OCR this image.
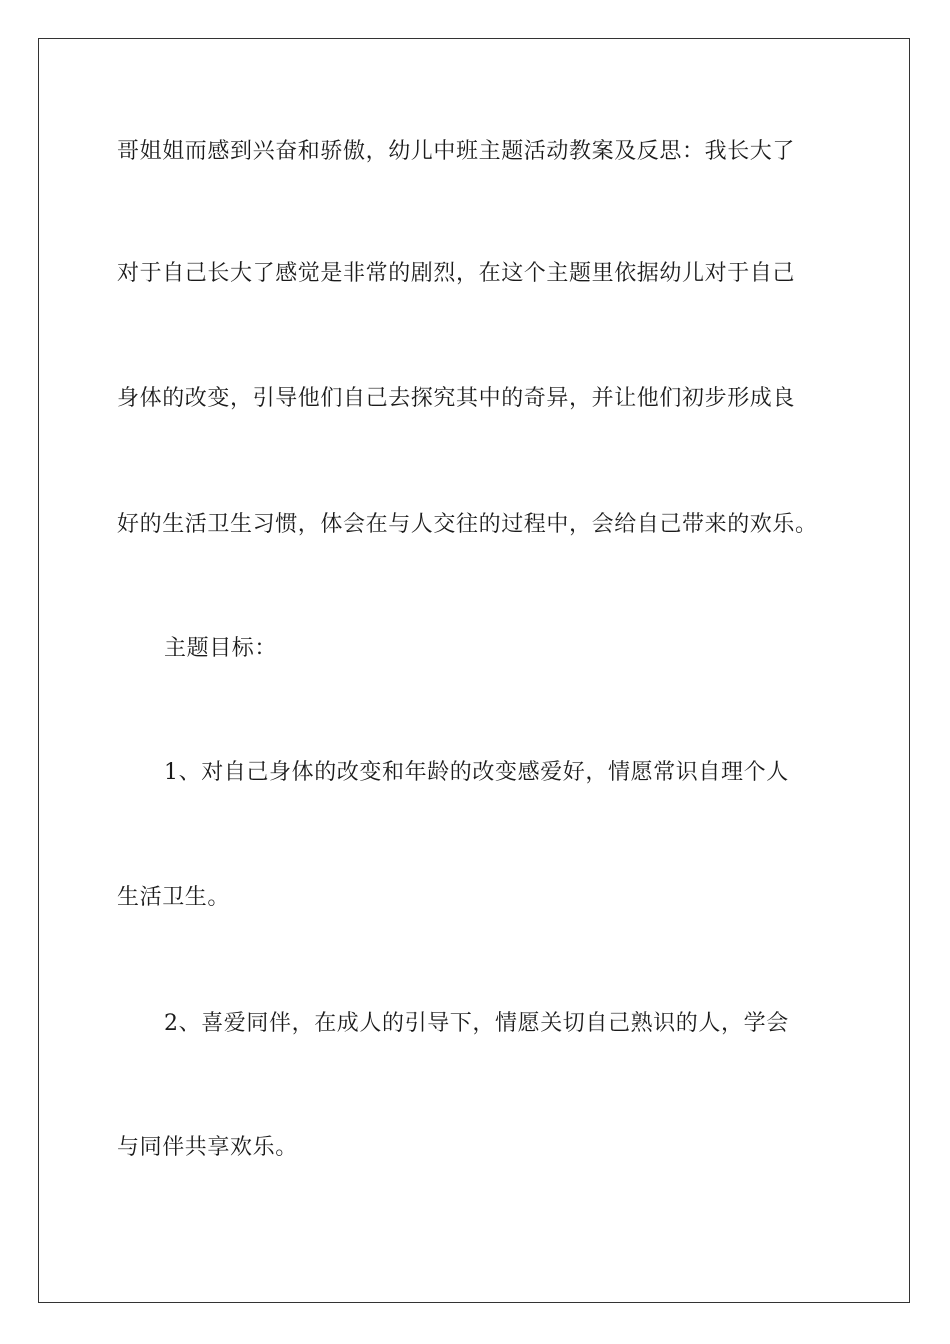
哥姐姐而感到兴奋和骄傲，幼儿中班主题活动教案及反思：我长大了
对于自己长大了感觉是非常的剧烈，在这个主题里依据幼儿对于自己
身体的改变，引导他们自己去探究其中的奇异，并让他们初步形成良
好的生活卫生习惯，体会在与人交往的过程中，会给自己带来的欢乐。
主题目标：
1、对自己身体的改变和年龄的改变感爱好，情愿常识自理个人
生活卫生。
2、喜爱同伴，在成人的引导下，情愿关切自己熟识的人，学会
与同伴共享欢乐。
